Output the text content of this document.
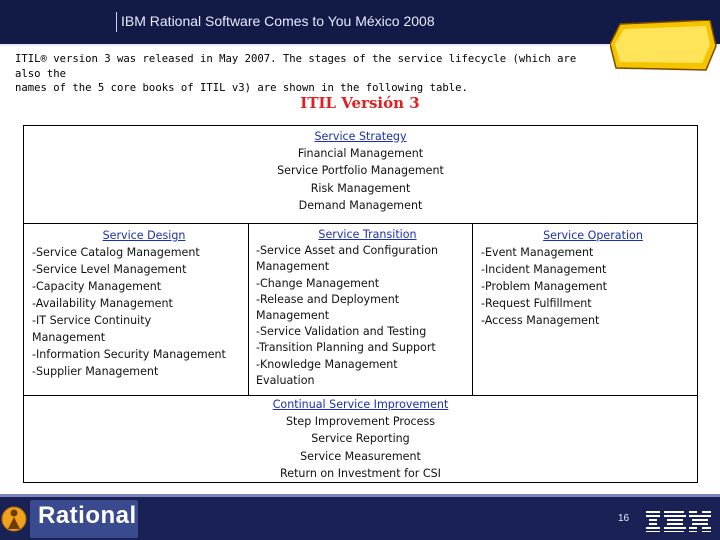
IBM Rational Software Comes to You México 2008

ITIL® version 3 was released in May 2007. The stages of the service lifecycle (which are also the

names of the 5 core books of ITIL v3) are shown in the following table.

ITIL Versión 3
Service Strategy
Financial Management
Service Portfolio Management
Risk Management
Demand Management
Service Design
-Service Catalog Management
-Service Level Management
-Capacity Management
-Availability Management
-IT Service Continuity
Management
-Information Security Management
-Supplier Management
Service Transition
-Service Asset and Configuration
Management
-Change Management
-Release and Deployment
Management
-Service Validation and Testing
-Transition Planning and Support
-Knowledge Management
Evaluation
Service Operation
-Event Management
-Incident Management
-Problem Management
-Request Fulfillment
-Access Management
Continual Service Improvement
Step Improvement Process
Service Reporting
Service Measurement
Return on Investment for CSI
Rational	16
